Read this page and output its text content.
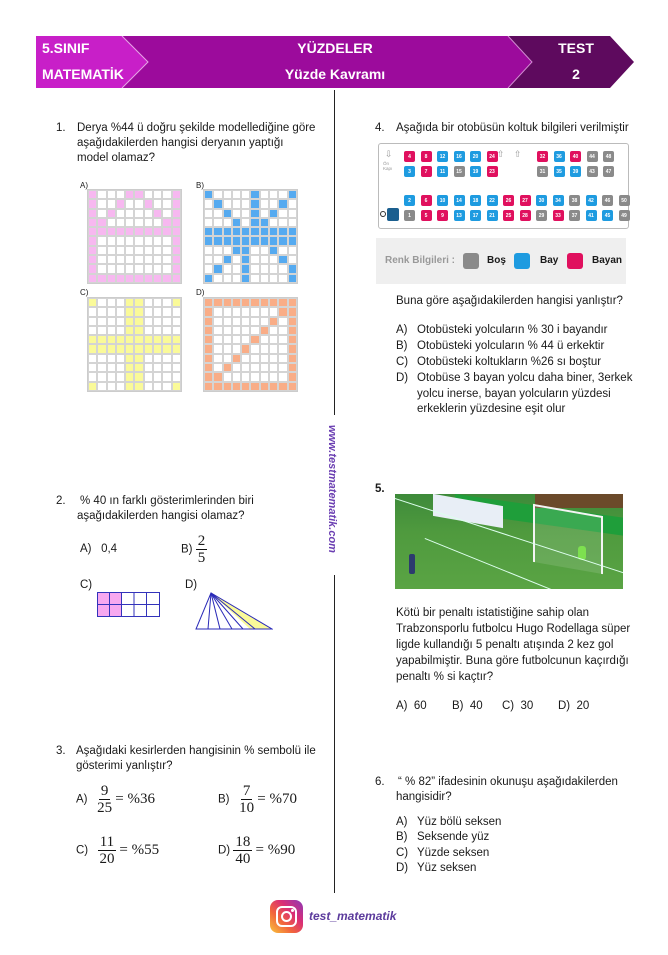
5.SINIF
MATEMATİK
YÜZDELER
Yüzde Kavramı
TEST
2
www.testmatematik.com
1. Derya %44 ü doğru şekilde modellediğine göre
aşağıdakilerden hangisi deryanın yaptığı
model olamaz?
A)	B)
C)	D)
2. % 40 ın farklı gösterimlerinden biri
aşağıdakilerden hangisi olamaz?
A) 0,4	$B) \frac{2}{5}$
C)	D)
3. Aşağıdaki kesirlerden hangisinin % sembolü ile
gösterimi yanlıştır?
$A) \frac{9}{25} = \%36$	$B) \frac{7}{10} = \%70$
$C) \frac{11}{20} = \%55$	$D) \frac{18}{40} = \%90$
4. Aşağıda bir otobüsün koltuk bilgileri verilmiştir
⇩
Ön Kapı
⇧ ⇧
4	8	12	16	20	24	32	36	40	44	48
3	7	11	15	19	23	31	35	39	43	47
2	6	10	14	18	22	26	27	30	34	38	42	46	50
1	5	9	13	17	21	25	28	29	33	37	41	45	49
Renk Bilgileri :	Boş	Bay	Bayan
Buna göre aşağıdakilerden hangisi yanlıştır?
A) Otobüsteki yolcuların % 30 i bayandır
B) Otobüsteki yolcuların % 44 ü erkektir
C) Otobüsteki koltukların %26 sı boştur
D) Otobüse 3 bayan yolcu daha biner, 3erkek
yolcu inerse, bayan yolcuların yüzdesi
erkeklerin yüzdesine eşit olur
5.
Kötü bir penaltı istatistiğine sahip olan
Trabzonsporlu futbolcu Hugo Rodellaga süper
ligde kullandığı 5 penaltı atışında 2 kez gol
yapabilmiştir. Buna göre futbolcunun kaçırdığı
penaltı % si kaçtır?
A) 60 B) 40 C) 30 D) 20
6. “ % 82” ifadesinin okunuşu aşağıdakilerden
hangisidir?
A) Yüz bölü seksen
B) Seksende yüz
C) Yüzde seksen
D) Yüz seksen
test_matematik
